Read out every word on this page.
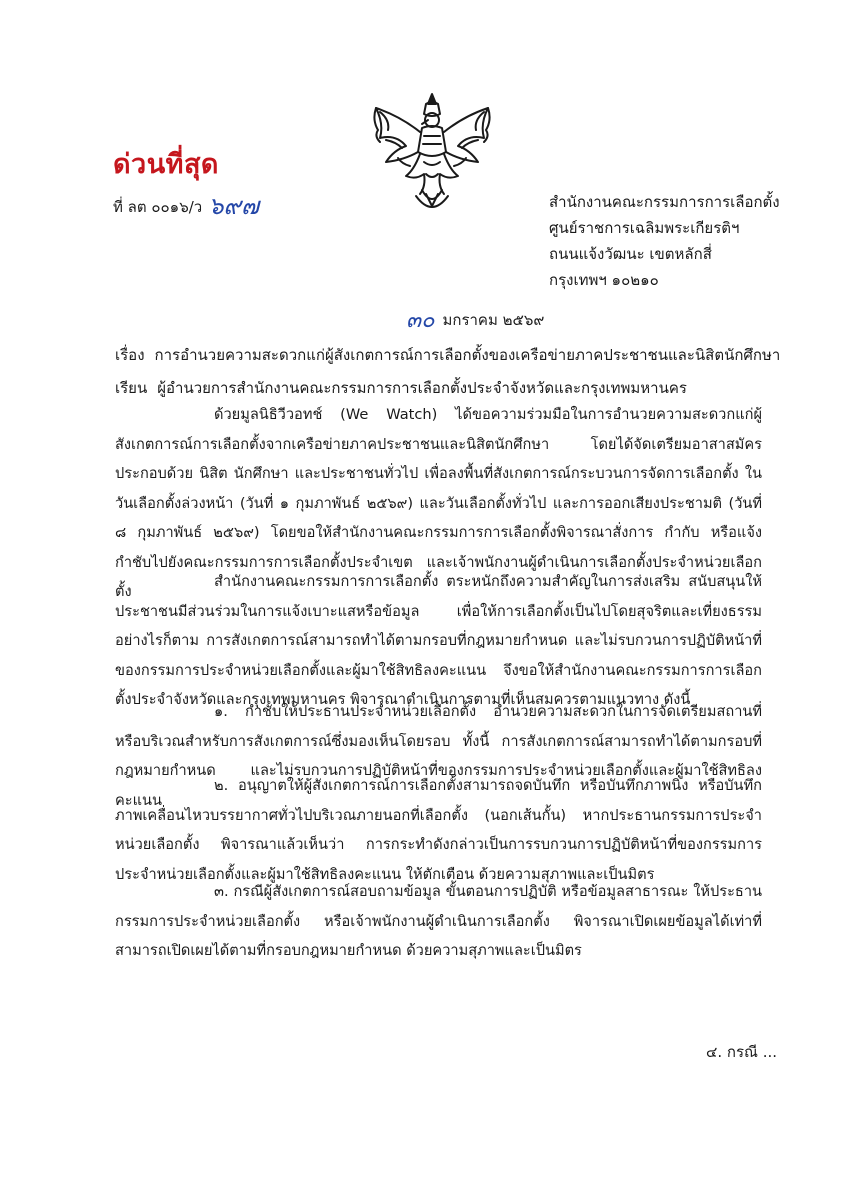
ด่วนที่สุด
ที่ ลต ๐๐๑๖/ว ๖๙๗	สำนักงานคณะกรรมการการเลือกตั้ง
ศูนย์ราชการเฉลิมพระเกียรติฯ
ถนนแจ้งวัฒนะ เขตหลักสี่
กรุงเทพฯ ๑๐๒๑๐
๓๐ มกราคม ๒๕๖๙
เรื่อง การอำนวยความสะดวกแก่ผู้สังเกตการณ์การเลือกตั้งของเครือข่ายภาคประชาชนและนิสิตนักศึกษา
เรียน ผู้อำนวยการสำนักงานคณะกรรมการการเลือกตั้งประจำจังหวัดและกรุงเทพมหานคร
ด้วยมูลนิธิวีวอทช์ (We Watch) ได้ขอความร่วมมือในการอำนวยความสะดวกแก่ผู้สังเกตการณ์การเลือกตั้งจากเครือข่ายภาคประชาชนและนิสิตนักศึกษา โดยได้จัดเตรียมอาสาสมัคร ประกอบด้วย นิสิต นักศึกษา และประชาชนทั่วไป เพื่อลงพื้นที่สังเกตการณ์กระบวนการจัดการเลือกตั้ง ในวันเลือกตั้งล่วงหน้า (วันที่ ๑ กุมภาพันธ์ ๒๕๖๙) และวันเลือกตั้งทั่วไป และการออกเสียงประชามติ (วันที่ ๘ กุมภาพันธ์ ๒๕๖๙) โดยขอให้สำนักงานคณะกรรมการการเลือกตั้งพิจารณาสั่งการ กำกับ หรือแจ้งกำชับไปยังคณะกรรมการการเลือกตั้งประจำเขต และเจ้าพนักงานผู้ดำเนินการเลือกตั้งประจำหน่วยเลือกตั้ง
สำนักงานคณะกรรมการการเลือกตั้ง ตระหนักถึงความสำคัญในการส่งเสริม สนับสนุนให้ประชาชนมีส่วนร่วมในการแจ้งเบาะแสหรือข้อมูล เพื่อให้การเลือกตั้งเป็นไปโดยสุจริตและเที่ยงธรรม อย่างไรก็ตาม การสังเกตการณ์สามารถทำได้ตามกรอบที่กฎหมายกำหนด และไม่รบกวนการปฏิบัติหน้าที่ของกรรมการประจำหน่วยเลือกตั้งและผู้มาใช้สิทธิลงคะแนน จึงขอให้สำนักงานคณะกรรมการการเลือกตั้งประจำจังหวัดและกรุงเทพมหานคร พิจารณาดำเนินการตามที่เห็นสมควรตามแนวทาง ดังนี้
๑. กำชับให้ประธานประจำหน่วยเลือกตั้ง อำนวยความสะดวกในการจัดเตรียมสถานที่หรือบริเวณสำหรับการสังเกตการณ์ซึ่งมองเห็นโดยรอบ ทั้งนี้ การสังเกตการณ์สามารถทำได้ตามกรอบที่กฎหมายกำหนด และไม่รบกวนการปฏิบัติหน้าที่ของกรรมการประจำหน่วยเลือกตั้งและผู้มาใช้สิทธิลงคะแนน
๒. อนุญาตให้ผู้สังเกตการณ์การเลือกตั้งสามารถจดบันทึก หรือบันทึกภาพนิ่ง หรือบันทึกภาพเคลื่อนไหวบรรยากาศทั่วไปบริเวณภายนอกที่เลือกตั้ง (นอกเส้นกั้น) หากประธานกรรมการประจำหน่วยเลือกตั้ง พิจารณาแล้วเห็นว่า การกระทำดังกล่าวเป็นการรบกวนการปฏิบัติหน้าที่ของกรรมการประจำหน่วยเลือกตั้งและผู้มาใช้สิทธิลงคะแนน ให้ตักเตือน ด้วยความสุภาพและเป็นมิตร
๓. กรณีผู้สังเกตการณ์สอบถามข้อมูล ขั้นตอนการปฏิบัติ หรือข้อมูลสาธารณะ ให้ประธานกรรมการประจำหน่วยเลือกตั้ง หรือเจ้าพนักงานผู้ดำเนินการเลือกตั้ง พิจารณาเปิดเผยข้อมูลได้เท่าที่สามารถเปิดเผยได้ตามที่กรอบกฎหมายกำหนด ด้วยความสุภาพและเป็นมิตร
๔. กรณี ...
